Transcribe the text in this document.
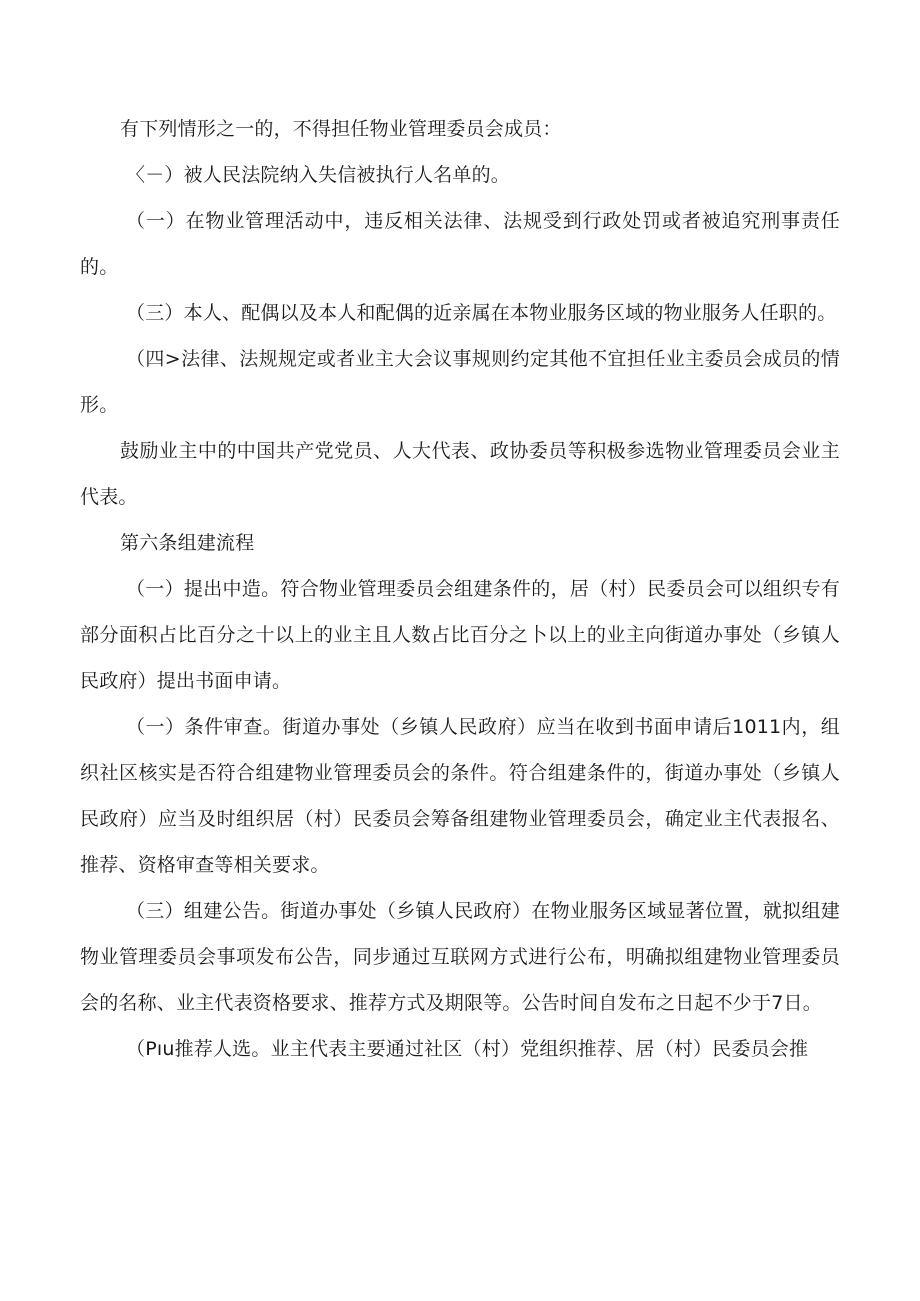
有下列情形之一的，不得担任物业管理委员会成员：

〈－）被人民法院纳入失信被执行人名单的。

（一）在物业管理活动中，违反相关法律、法规受到行政处罚或者被追究刑事责任的。

（三）本人、配偶以及本人和配偶的近亲属在本物业服务区域的物业服务人任职的。

（四>法律、法规规定或者业主大会议事规则约定其他不宜担任业主委员会成员的情形。

鼓励业主中的中国共产党党员、人大代表、政协委员等积极参选物业管理委员会业主代表。

第六条组建流程

（一）提出中造。符合物业管理委员会组建条件的，居（村）民委员会可以组织专有部分面积占比百分之十以上的业主且人数占比百分之卜以上的业主向街道办事处（乡镇人民政府）提出书面申请。

（一）条件审查。街道办事处（乡镇人民政府）应当在收到书面申请后1011内，组织社区核实是否符合组建物业管理委员会的条件。符合组建条件的，街道办事处（乡镇人民政府）应当及时组织居（村）民委员会筹备组建物业管理委员会，确定业主代表报名、推荐、资格审查等相关要求。

（三）组建公告。街道办事处（乡镇人民政府）在物业服务区域显著位置，就拟组建物业管理委员会事项发布公告，同步通过互联网方式进行公布，明确拟组建物业管理委员会的名称、业主代表资格要求、推荐方式及期限等。公告时间自发布之日起不少于7日。

（Pıu推荐人选。业主代表主要通过社区（村）党组织推荐、居（村）民委员会推
